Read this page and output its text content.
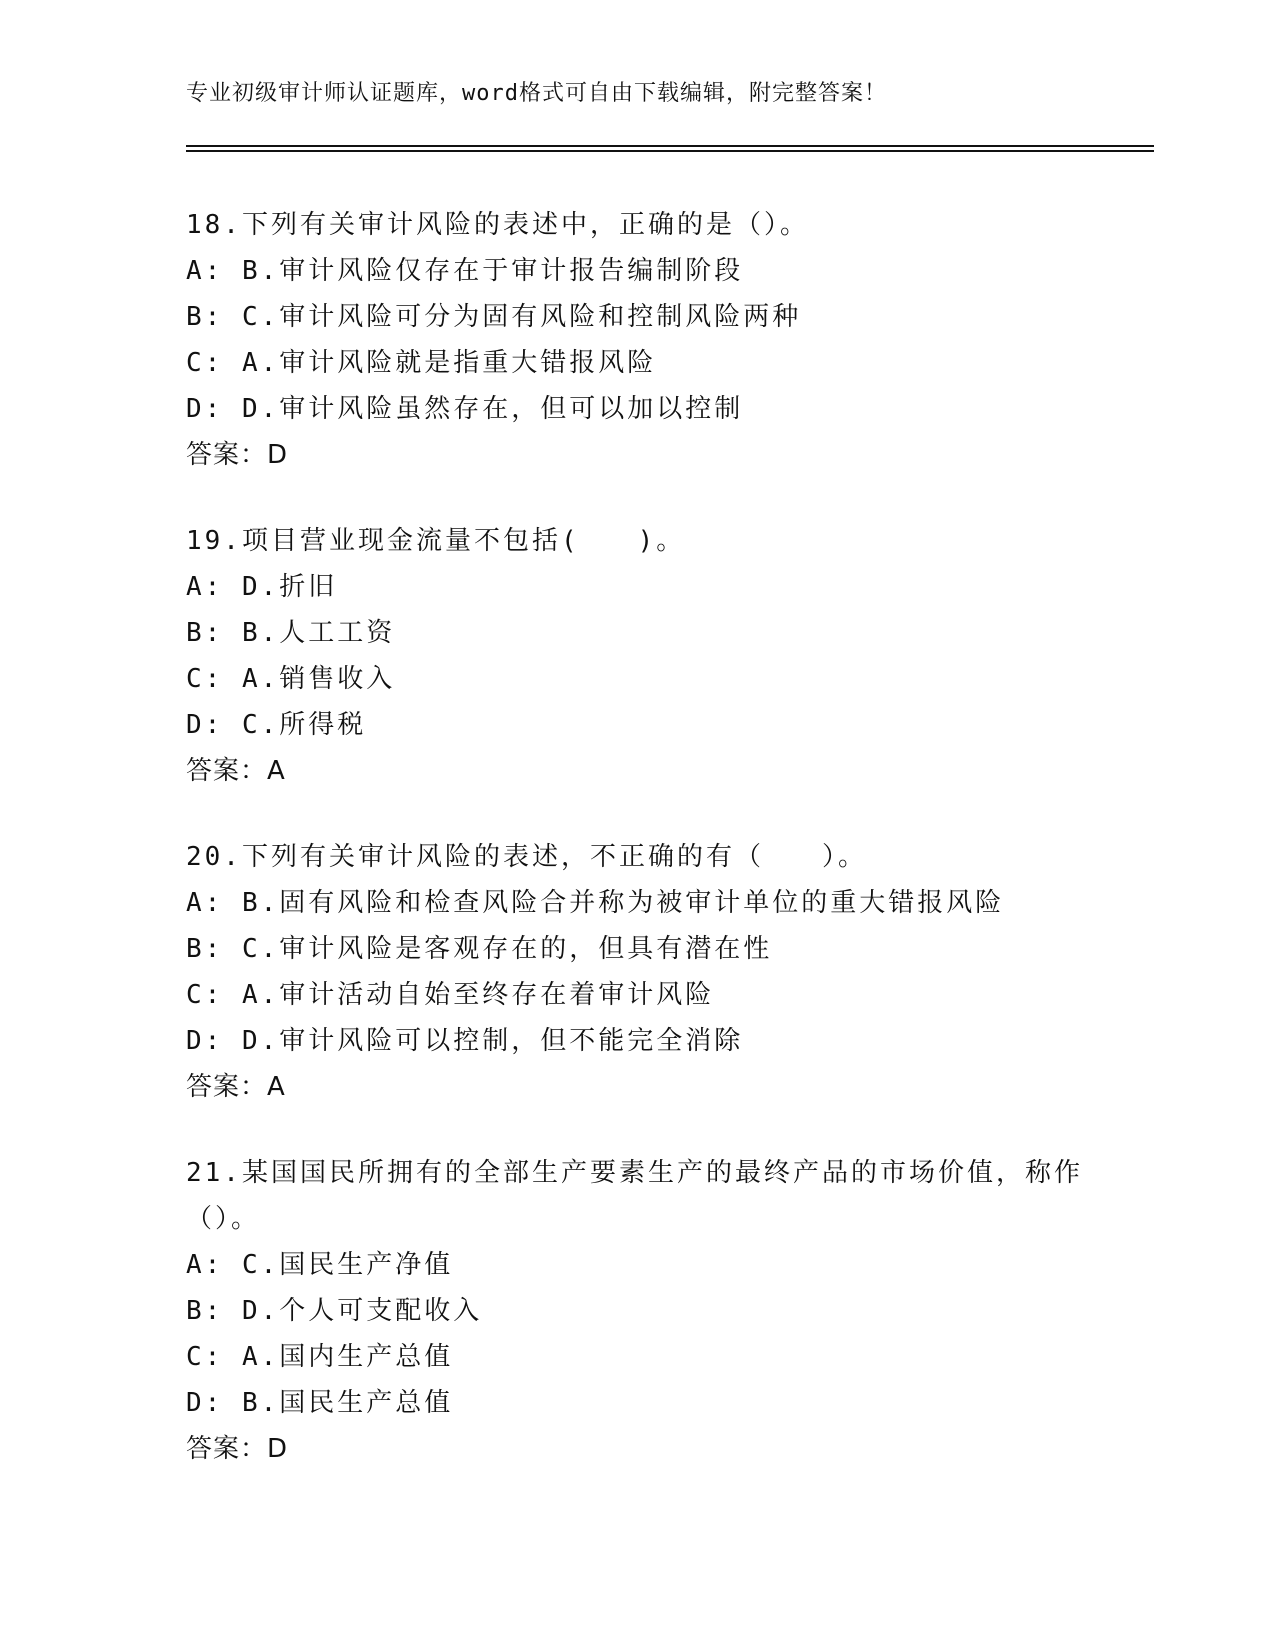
专业初级审计师认证题库，word格式可自由下载编辑，附完整答案！
18.下列有关审计风险的表述中，正确的是（）。
A: B.审计风险仅存在于审计报告编制阶段
B: C.审计风险可分为固有风险和控制风险两种
C: A.审计风险就是指重大错报风险
D: D.审计风险虽然存在，但可以加以控制
答案：D
19.项目营业现金流量不包括(　　)。
A: D.折旧
B: B.人工工资
C: A.销售收入
D: C.所得税
答案：A
20.下列有关审计风险的表述，不正确的有（　　）。
A: B.固有风险和检查风险合并称为被审计单位的重大错报风险
B: C.审计风险是客观存在的，但具有潜在性
C: A.审计活动自始至终存在着审计风险
D: D.审计风险可以控制，但不能完全消除
答案：A
21.某国国民所拥有的全部生产要素生产的最终产品的市场价值，称作（）。
A: C.国民生产净值
B: D.个人可支配收入
C: A.国内生产总值
D: B.国民生产总值
答案：D
